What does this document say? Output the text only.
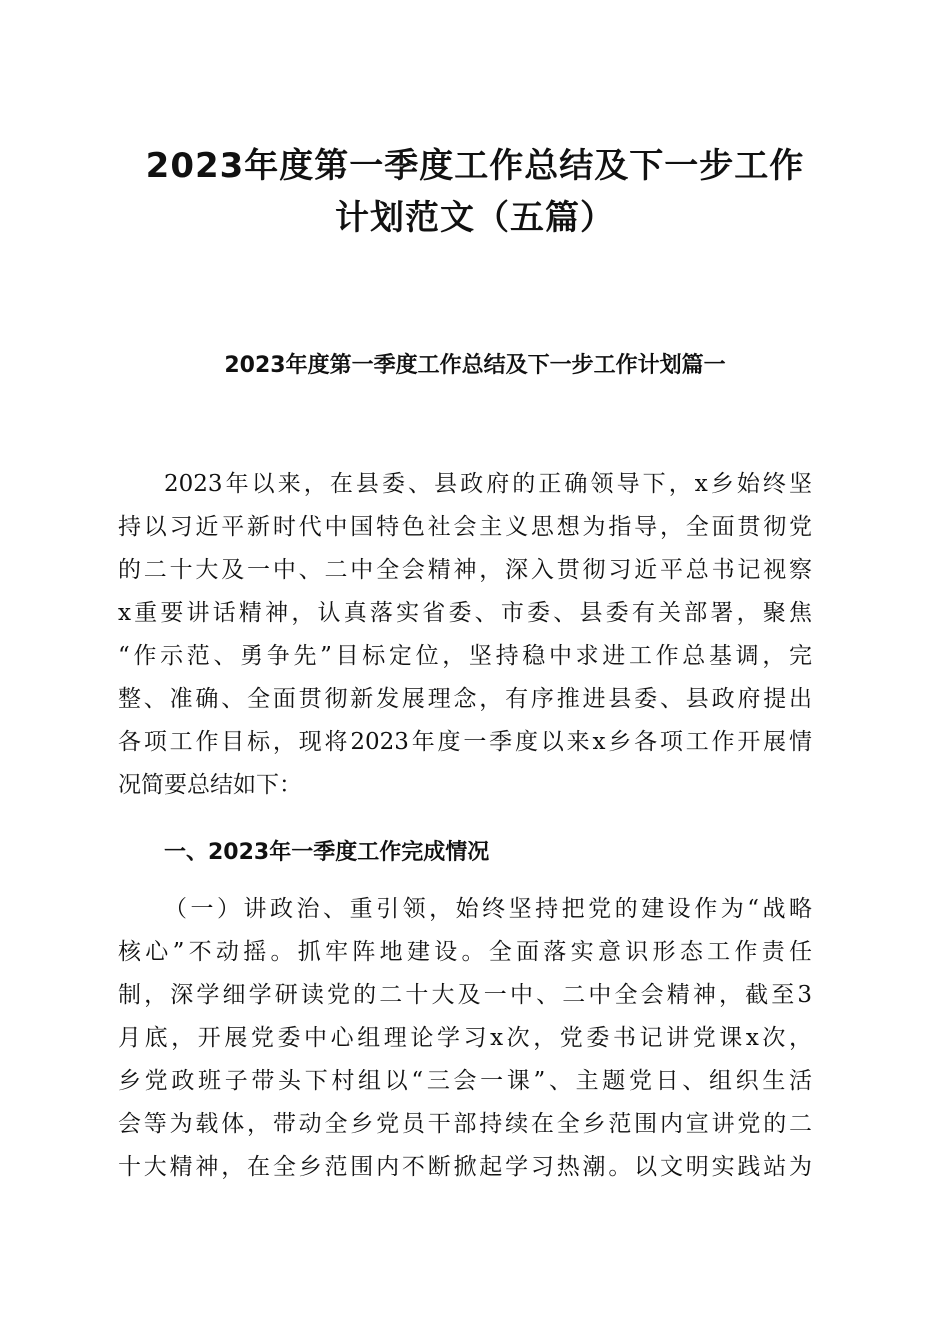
2023年度第一季度工作总结及下一步工作
计划范文（五篇）
2023年度第一季度工作总结及下一步工作计划篇一
2023年以来，在县委、县政府的正确领导下，x乡始终坚
持以习近平新时代中国特色社会主义思想为指导，全面贯彻党
的二十大及一中、二中全会精神，深入贯彻习近平总书记视察
x重要讲话精神，认真落实省委、市委、县委有关部署，聚焦
“作示范、勇争先”目标定位，坚持稳中求进工作总基调，完
整、准确、全面贯彻新发展理念，有序推进县委、县政府提出
各项工作目标，现将2023年度一季度以来x乡各项工作开展情
况简要总结如下：
一、2023年一季度工作完成情况
（一）讲政治、重引领，始终坚持把党的建设作为“战略
核心”不动摇。抓牢阵地建设。全面落实意识形态工作责任
制，深学细学研读党的二十大及一中、二中全会精神，截至3
月底，开展党委中心组理论学习x次，党委书记讲党课x次，
乡党政班子带头下村组以“三会一课”、主题党日、组织生活
会等为载体，带动全乡党员干部持续在全乡范围内宣讲党的二
十大精神，在全乡范围内不断掀起学习热潮。以文明实践站为
